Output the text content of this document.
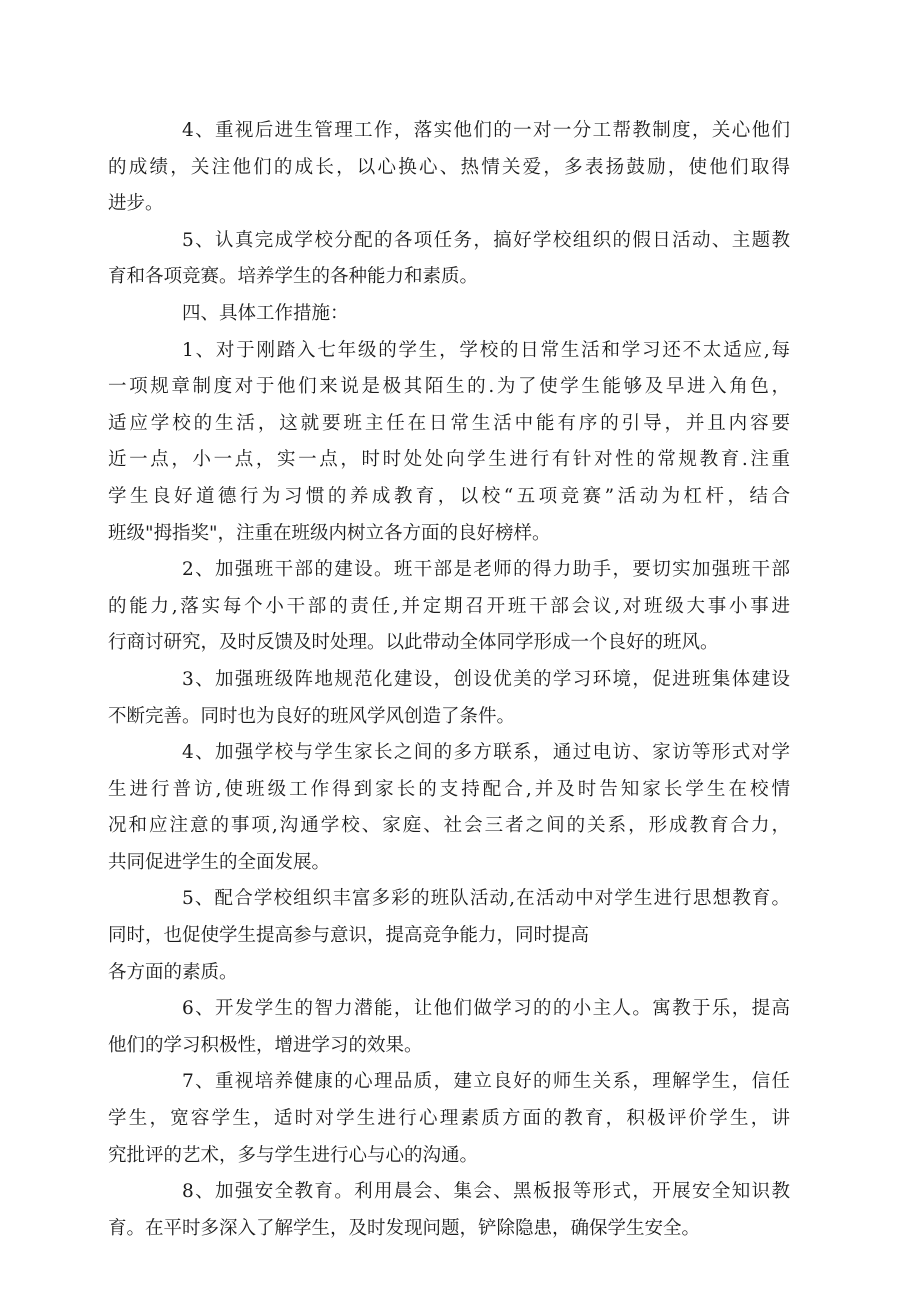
4、重视后进生管理工作，落实他们的一对一分工帮教制度，关心他们
的成绩，关注他们的成长，以心换心、热情关爱，多表扬鼓励，使他们取得
进步。
5、认真完成学校分配的各项任务，搞好学校组织的假日活动、主题教
育和各项竞赛。培养学生的各种能力和素质。
四、具体工作措施：
1、对于刚踏入七年级的学生，学校的日常生活和学习还不太适应,每
一项规章制度对于他们来说是极其陌生的.为了使学生能够及早进入角色，
适应学校的生活，这就要班主任在日常生活中能有序的引导，并且内容要
近一点，小一点，实一点，时时处处向学生进行有针对性的常规教育.注重
学生良好道德行为习惯的养成教育，以校“五项竞赛”活动为杠杆，结合
班级"拇指奖"，注重在班级内树立各方面的良好榜样。
2、加强班干部的建设。班干部是老师的得力助手，要切实加强班干部
的能力,落实每个小干部的责任,并定期召开班干部会议,对班级大事小事进
行商讨研究，及时反馈及时处理。以此带动全体同学形成一个良好的班风。
3、加强班级阵地规范化建设，创设优美的学习环境，促进班集体建设
不断完善。同时也为良好的班风学风创造了条件。
4、加强学校与学生家长之间的多方联系，通过电访、家访等形式对学
生进行普访,使班级工作得到家长的支持配合,并及时告知家长学生在校情
况和应注意的事项,沟通学校、家庭、社会三者之间的关系，形成教育合力，
共同促进学生的全面发展。
5、配合学校组织丰富多彩的班队活动,在活动中对学生进行思想教育。
同时，也促使学生提高参与意识，提高竞争能力，同时提高
各方面的素质。
6、开发学生的智力潜能，让他们做学习的的小主人。寓教于乐，提高
他们的学习积极性，增进学习的效果。
7、重视培养健康的心理品质，建立良好的师生关系，理解学生，信任
学生，宽容学生，适时对学生进行心理素质方面的教育，积极评价学生，讲
究批评的艺术，多与学生进行心与心的沟通。
8、加强安全教育。利用晨会、集会、黑板报等形式，开展安全知识教
育。在平时多深入了解学生，及时发现问题，铲除隐患，确保学生安全。
